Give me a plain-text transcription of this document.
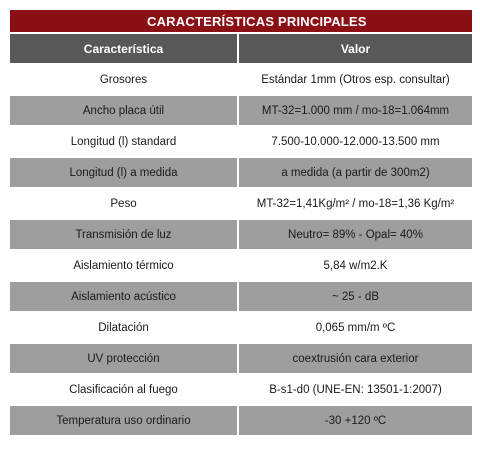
CARACTERÍSTICAS PRINCIPALES
Característica	Valor
Grosores	Estándar 1mm (Otros esp. consultar)
Ancho placa útil	MT-32=1.000 mm / mo-18=1.064mm
Longitud (l) standard	7.500-10.000-12.000-13.500 mm
Longitud (l) a medida	a medida (a partir de 300m2)
Peso	MT-32=1,41Kg/m² / mo-18=1,36 Kg/m²
Transmisión de luz	Neutro= 89% - Opal= 40%
Aislamiento térmico	5,84 w/m2.K
Aislamiento acústico	~ 25 - dB
Dilatación	0,065 mm/m ºC
UV protección	coextrusión cara exterior
Clasificación al fuego	B-s1-d0 (UNE-EN: 13501-1:2007)
Temperatura uso ordinario	-30 +120 ºC
